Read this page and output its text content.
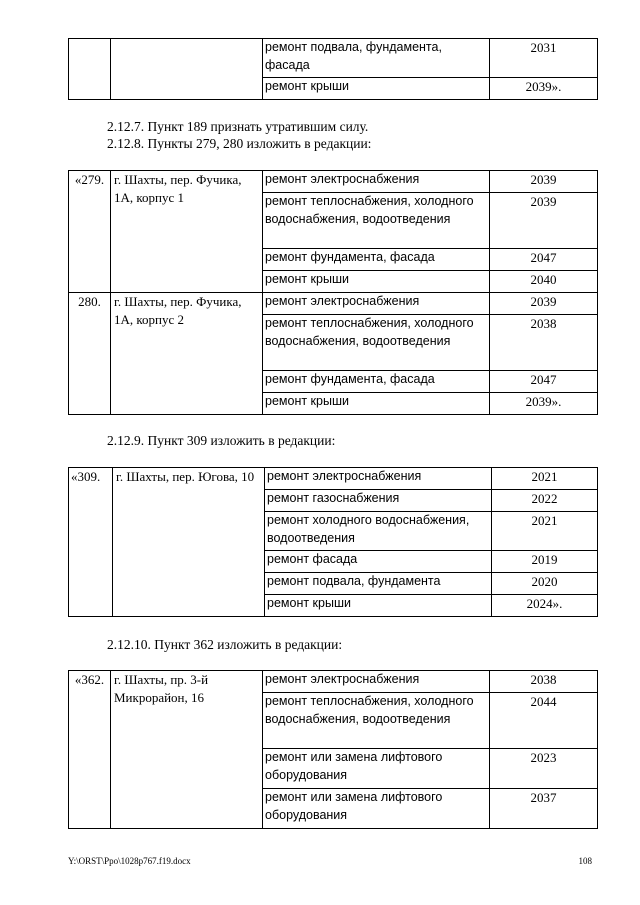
		ремонт подвала, фундамента, фасада	2031
		ремонт крыши	2039».
2.12.7. Пункт 189 признать утратившим силу.
2.12.8. Пункты 279, 280 изложить в редакции:
«279.	г. Шахты, пер. Фучика, 1А, корпус 1	ремонт электроснабжения	2039
		ремонт теплоснабжения, холодного водоснабжения, водоотведения	2039
		ремонт фундамента, фасада	2047
		ремонт крыши	2040
280.	г. Шахты, пер. Фучика, 1А, корпус 2	ремонт электроснабжения	2039
		ремонт теплоснабжения, холодного водоснабжения, водоотведения	2038
		ремонт фундамента, фасада	2047
		ремонт крыши	2039».
2.12.9. Пункт 309 изложить в редакции:
«309.	г. Шахты, пер. Югова, 10	ремонт электроснабжения	2021
		ремонт газоснабжения	2022
		ремонт холодного водоснабжения, водоотведения	2021
		ремонт фасада	2019
		ремонт подвала, фундамента	2020
		ремонт крыши	2024».
2.12.10. Пункт 362 изложить в редакции:
«362.	г. Шахты, пр. 3-й Микрорайон, 16	ремонт электроснабжения	2038
		ремонт теплоснабжения, холодного водоснабжения, водоотведения	2044
		ремонт или замена лифтового оборудования	2023
		ремонт или замена лифтового оборудования	2037
Y:\ORST\Ppo\1028p767.f19.docx	108
